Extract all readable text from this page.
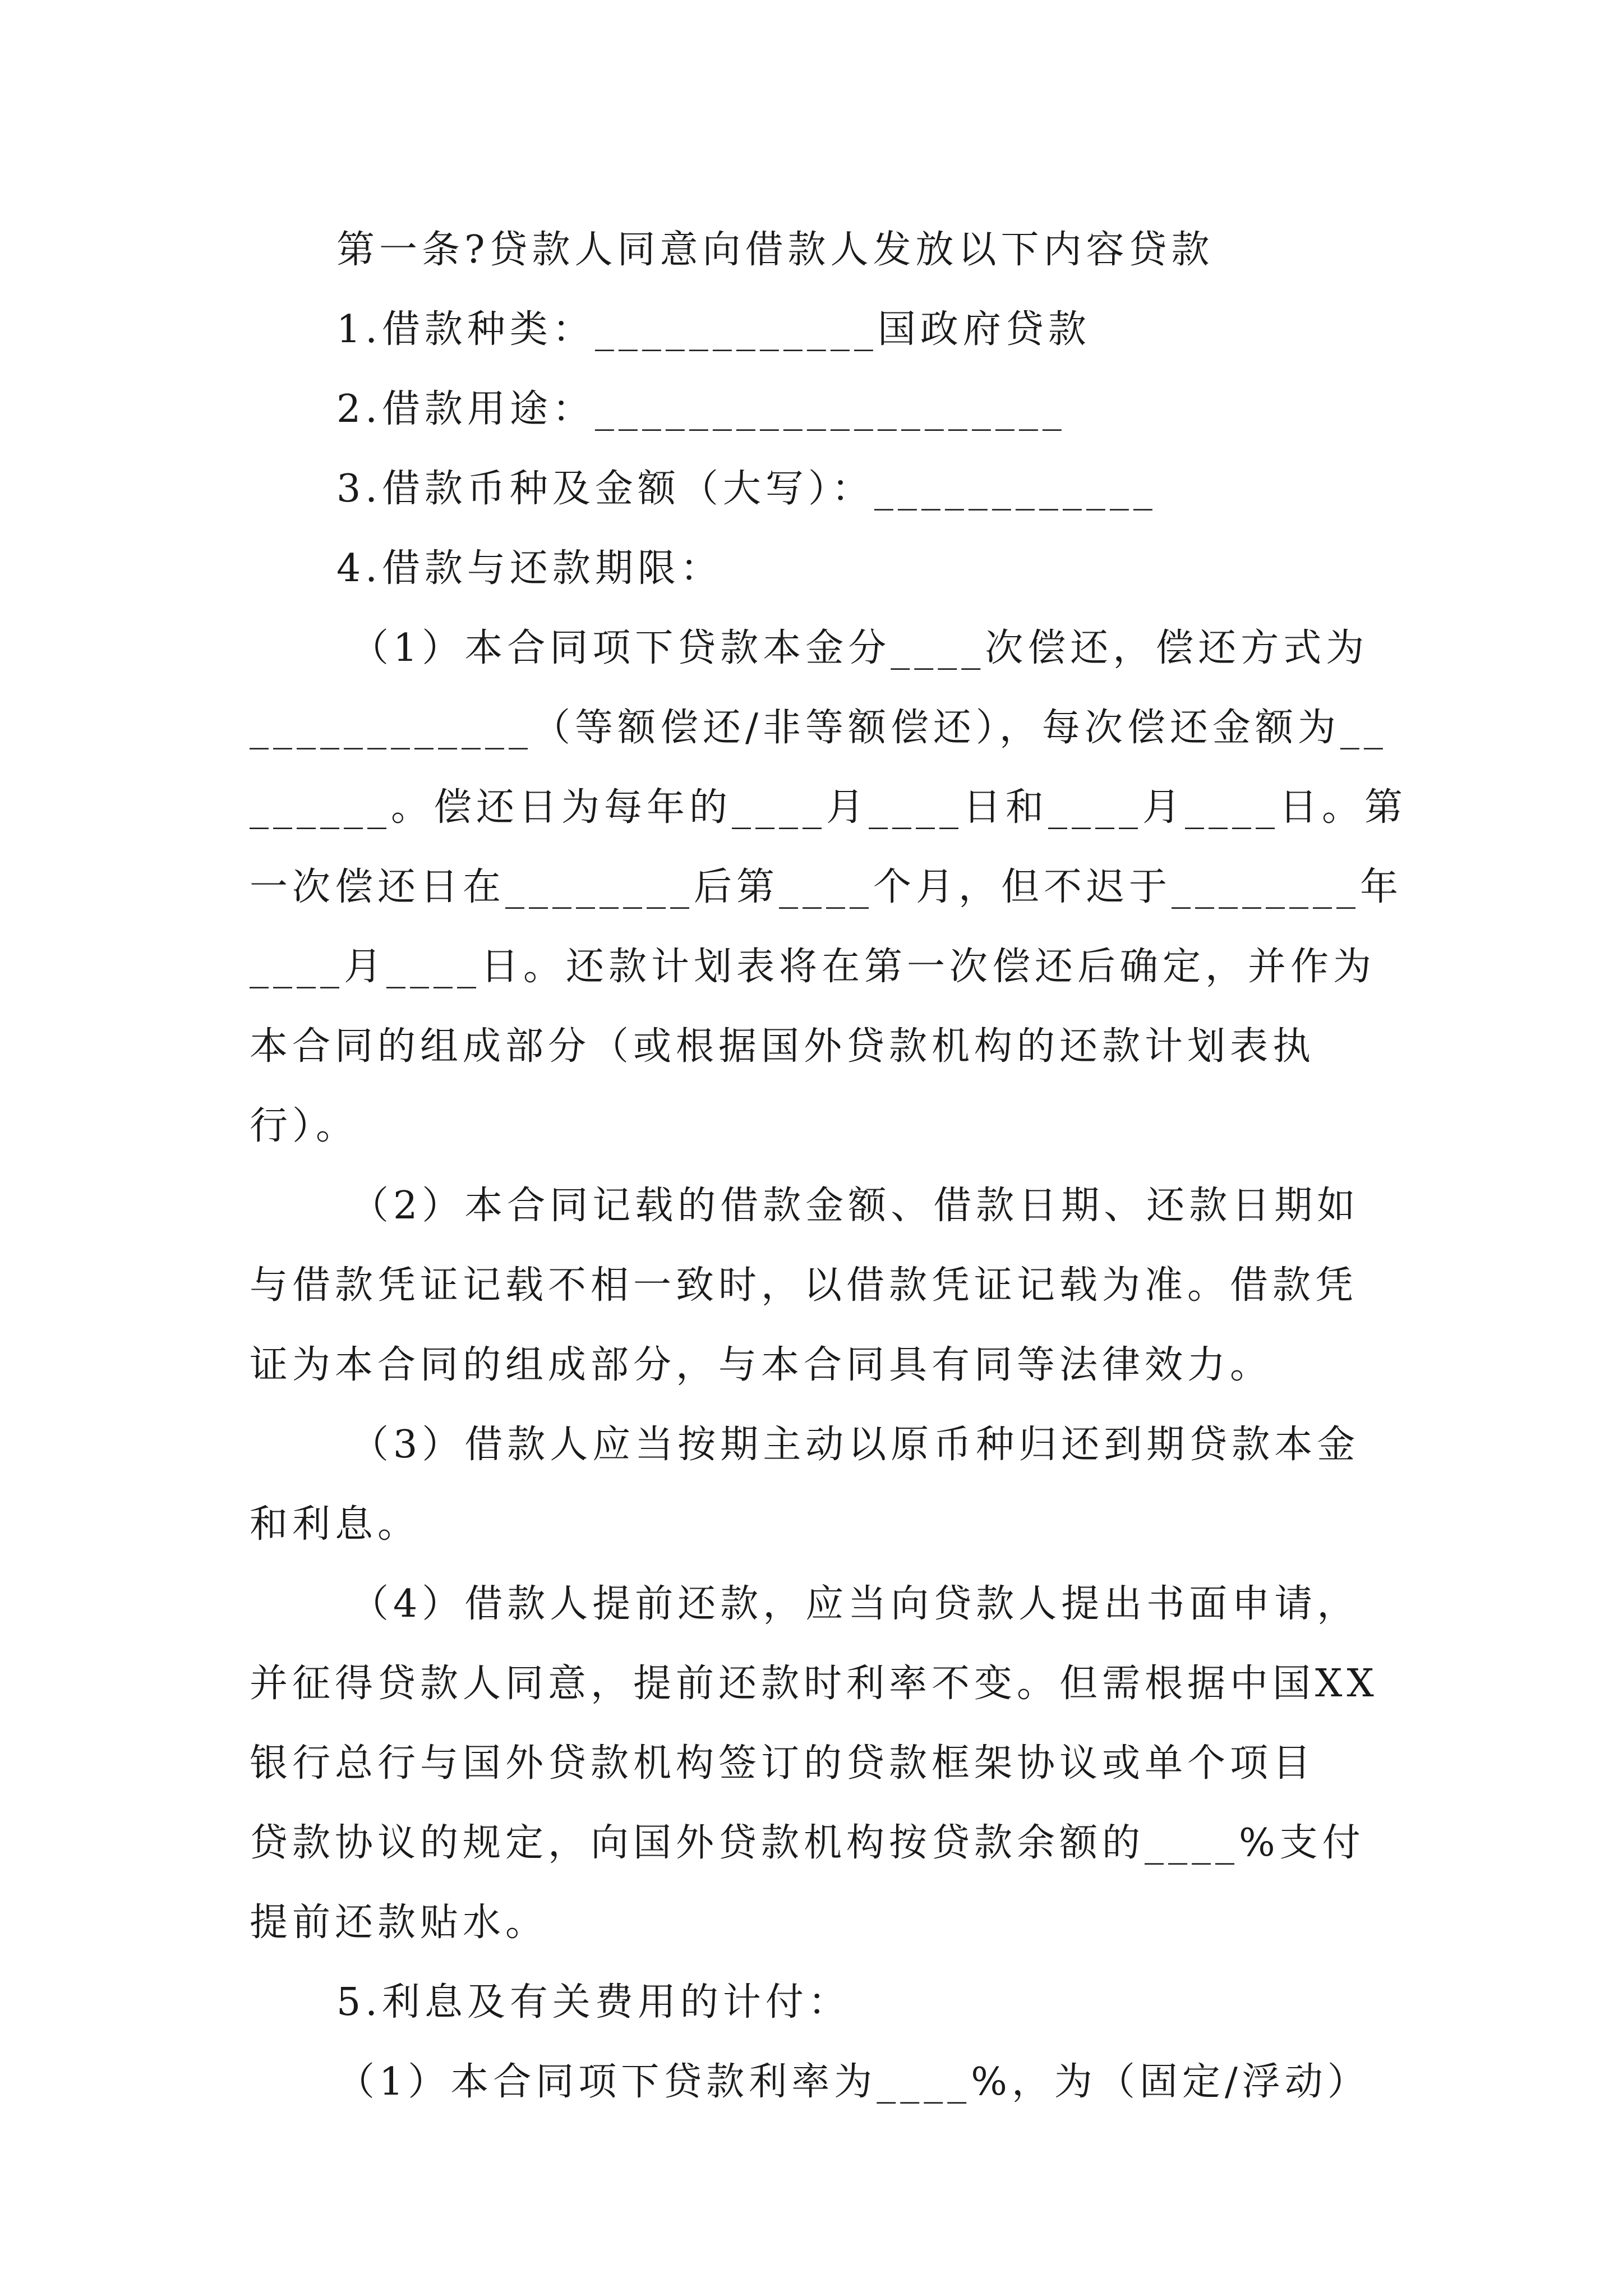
第一条?贷款人同意向借款人发放以下内容贷款
1.借款种类：____________国政府贷款
2.借款用途：____________________
3.借款币种及金额（大写）：____________
4.借款与还款期限：
（1）本合同项下贷款本金分____次偿还，偿还方式为
____________（等额偿还/非等额偿还），每次偿还金额为__
______。偿还日为每年的____月____日和____月____日。第
一次偿还日在________后第____个月，但不迟于________年
____月____日。还款计划表将在第一次偿还后确定，并作为
本合同的组成部分（或根据国外贷款机构的还款计划表执
行）。
（2）本合同记载的借款金额、借款日期、还款日期如
与借款凭证记载不相一致时，以借款凭证记载为准。借款凭
证为本合同的组成部分，与本合同具有同等法律效力。
（3）借款人应当按期主动以原币种归还到期贷款本金
和利息。
（4）借款人提前还款，应当向贷款人提出书面申请，
并征得贷款人同意，提前还款时利率不变。但需根据中国XX
银行总行与国外贷款机构签订的贷款框架协议或单个项目
贷款协议的规定，向国外贷款机构按贷款余额的____%支付
提前还款贴水。
5.利息及有关费用的计付：
（1）本合同项下贷款利率为____%，为（固定/浮动）
